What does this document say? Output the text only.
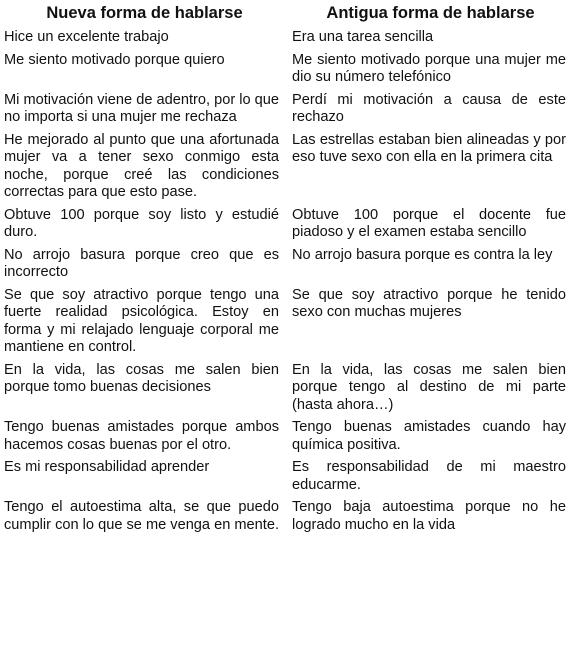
Nueva forma de hablarse	Antigua forma de hablarse
Hice un excelente trabajo	Era una tarea sencilla
Me siento motivado porque quiero	Me siento motivado porque una mujer me dio su número telefónico
Mi motivación viene de adentro, por lo que no importa si una mujer me rechaza	Perdí mi motivación a causa de este rechazo
He mejorado al punto que una afortunada mujer va a tener sexo conmigo esta noche, porque creé las condiciones correctas para que esto pase.	Las estrellas estaban bien alineadas y por eso tuve sexo con ella en la primera cita
Obtuve 100 porque soy listo y estudié duro.	Obtuve 100 porque el docente fue piadoso y el examen estaba sencillo
No arrojo basura porque creo que es incorrecto	No arrojo basura porque es contra la ley
Se que soy atractivo porque tengo una fuerte realidad psicológica. Estoy en forma y mi relajado lenguaje corporal me mantiene en control.	Se que soy atractivo porque he tenido sexo con muchas mujeres
En la vida, las cosas me salen bien porque tomo buenas decisiones	En la vida, las cosas me salen bien porque tengo al destino de mi parte (hasta ahora…)
Tengo buenas amistades porque ambos hacemos cosas buenas por el otro.	Tengo buenas amistades cuando hay química positiva.
Es mi responsabilidad aprender	Es responsabilidad de mi maestro educarme.
Tengo el autoestima alta, se que puedo cumplir con lo que se me venga en mente.	Tengo baja autoestima porque no he logrado mucho en la vida
